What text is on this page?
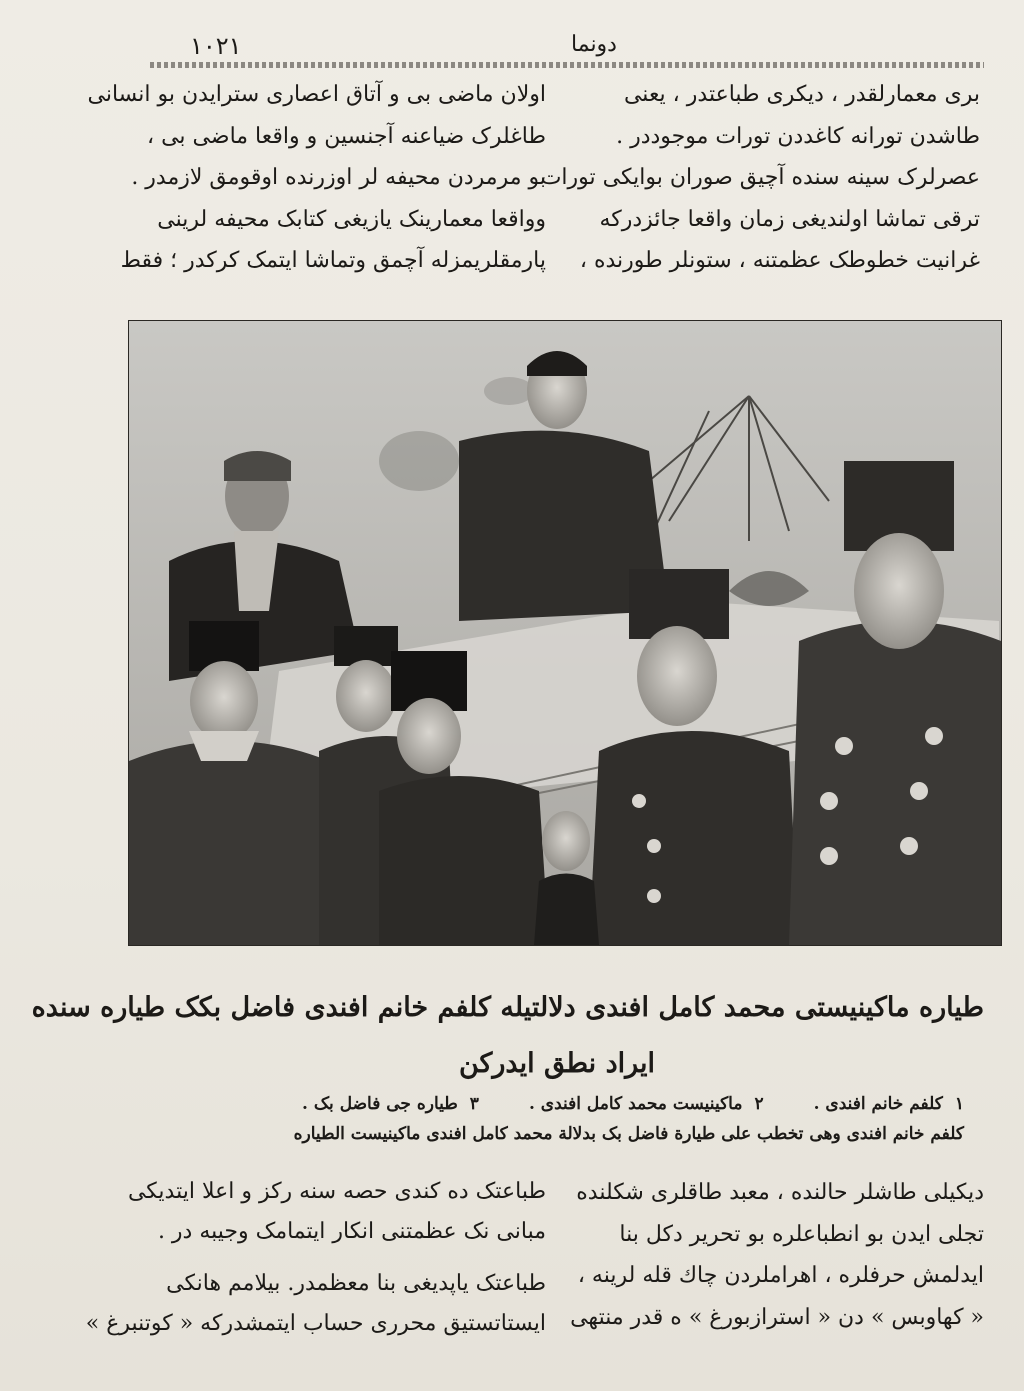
١٠٢١	دونما

بری معمارلقدر ، دیکری طباعتدر ، یعنی

طاشدن تورانه کاغددن تورات موجوددر .

عصرلرک سینه سنده آچیق صوران بوایکی تورات

ترقی تماشا اولندیغی زمان واقعا جائزدرکه

غرانیت خطوطک عظمتنه ، ستونلر طورنده ،

اولان ماضی بی و آتاق اعصاری سترایدن بو انسانی

طاغلرک ضیاعنه آجنسین و واقعا ماضی بی ،

بو مرمردن محیفه لر اوزرنده اوقومق لازمدر .

وواقعا معمارینک یازیغی کتابک محیفه لرینی

پارمقلریمزله آچمق وتماشا ایتمک کرکدر ؛ فقط

طیاره ماکینیستی محمد کامل افندی دلالتیله کلفم خانم افندی فاضل بکک طیاره سنده

ایراد نطق ایدرکن

١کلفم خانم افندی .
٢ماکینیست محمد کامل افندی .
٣طیاره جی فاضل بک .
کلفم خانم افندی وهی تخطب علی طیارة فاضل بک بدلالة محمد کامل افندی ماکینیست الطیاره

دیکیلی طاشلر حالنده ، معبد طاقلری شکلنده

تجلی ایدن بو انطباعلره بو تحریر دکل بنا

ایدلمش حرفلره ، اهراملردن چاك قله لرینه ،

« کهاوبس » دن « استرازبورغ » ه قدر منتهی

طباعتک ده کندی حصه سنه رکز و اعلا ایتدیکی

مبانی نک عظمتنی انکار ایتمامک وجیبه در .

طباعتک یاپدیغی بنا معظمدر. بیلامم هانکی

ایستاتستیق محرری حساب ایتمشدرکه « کوتنبرغ »
